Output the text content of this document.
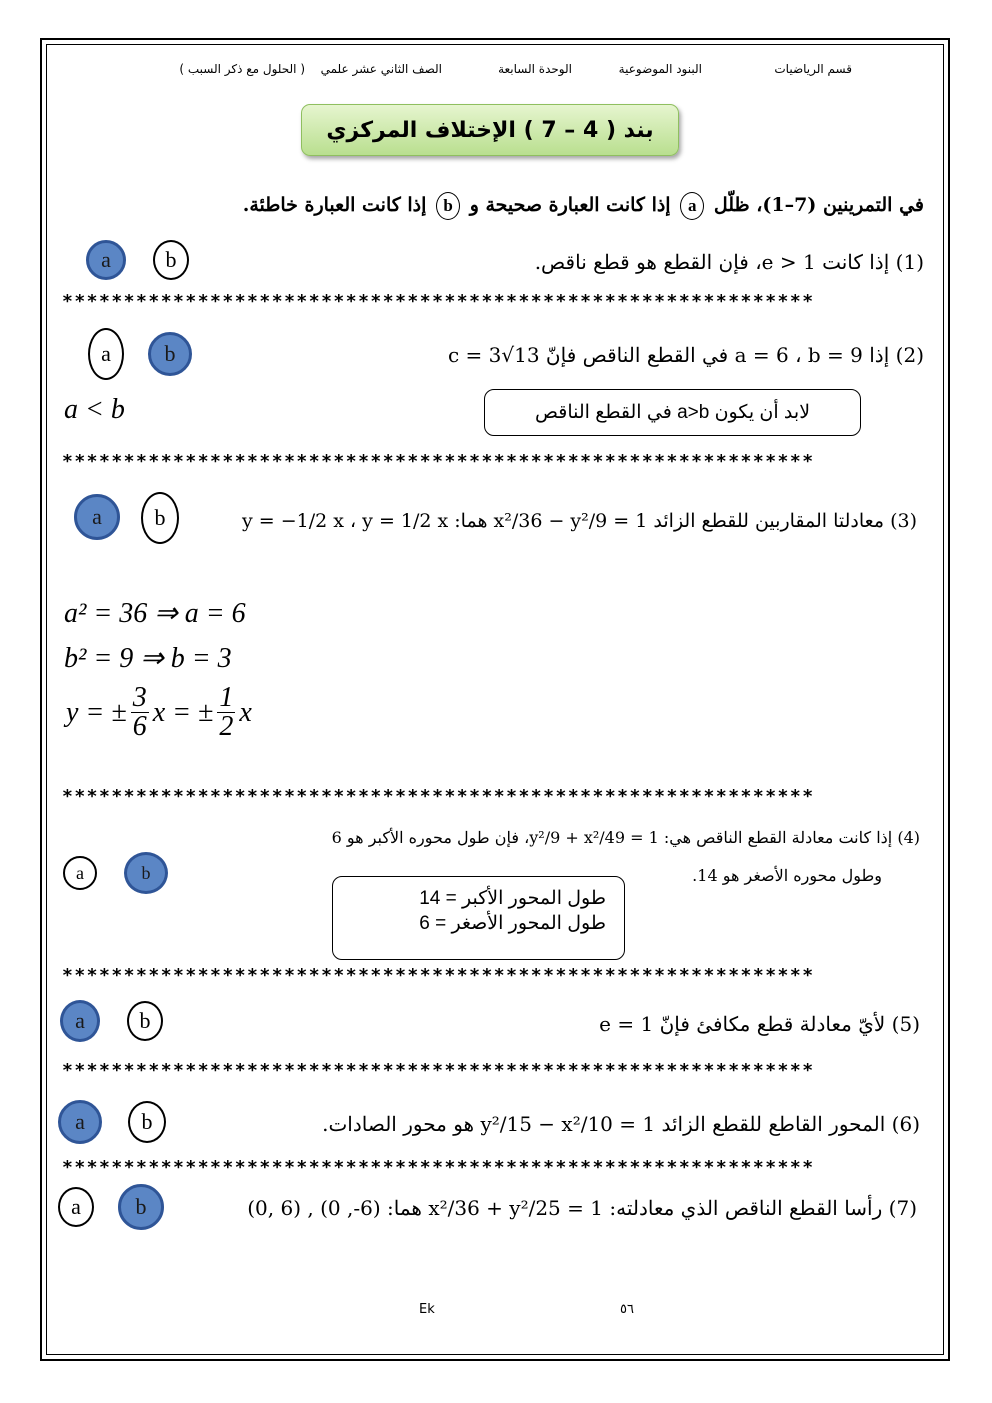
قسم الرياضيات
البنود الموضوعية
الوحدة السابعة
الصف الثاني عشر علمي
( الحلول مع ذكر السبب )
بند ( 4 – 7 ) الإختلاف المركزي
في التمرينين (7–1)، ظلّل a إذا كانت العبارة صحيحة و b إذا كانت العبارة خاطئة.
(1) إذا كانت e > 1، فإن القطع هو قطع ناقص.
a	b
*************************************************************
(2) إذا a = 6 ، b = 9 في القطع الناقص فإنّ c = 3√13
a	b
a < b	لابد أن يكون a>b في القطع الناقص
*************************************************************
(3) معادلتا المقاربين للقطع الزائد 1 = x²/36 − y²/9 هما: y = −1/2 x ، y = 1/2 x
a	b
a² = 36 ⇒ a = 6
b² = 9 ⇒ b = 3
y = ± $\frac{3}{6}$ x = ± $\frac{1}{2}$ x
*************************************************************
(4) إذا كانت معادلة القطع الناقص هي: 1 = y²/9 + x²/49، فإن طول محوره الأكبر هو 6
وطول محوره الأصغر هو 14.
a	b
طول المحور الأكبر = 14
طول المحور الأصغر = 6
*************************************************************
(5) لأيّ معادلة قطع مكافئ فإنّ e = 1
a	b
*************************************************************
(6) المحور القاطع للقطع الزائد 1 = y²/15 − x²/10 هو محور الصادات.
a	b
*************************************************************
(7) رأسا القطع الناقص الذي معادلته: 1 = x²/36 + y²/25 هما: (6-, 0) , (6 ,0)
a	b
Ek	٥٦
